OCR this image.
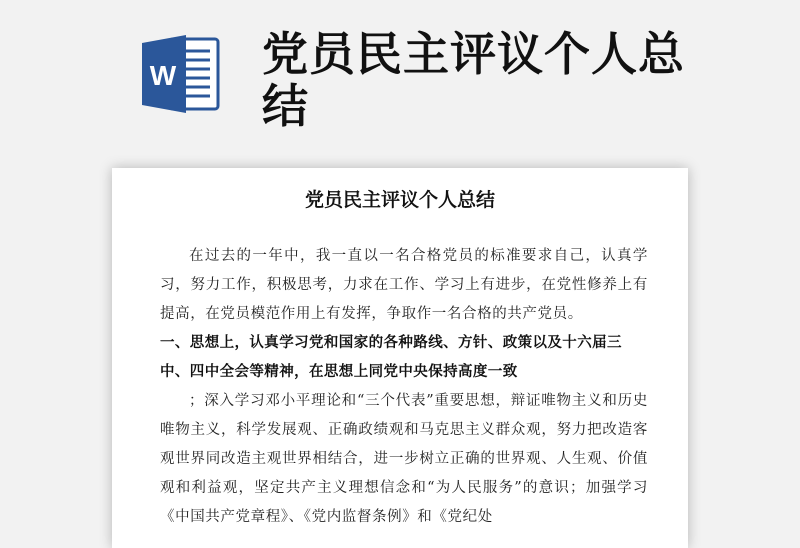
W 党员民主评议个人总结
党员民主评议个人总结

在过去的一年中，我一直以一名合格党员的标准要求自己，认真学习，努力工作，积极思考，力求在工作、学习上有进步，在党性修养上有提高，在党员模范作用上有发挥，争取作一名合格的共产党员。

一、思想上，认真学习党和国家的各种路线、方针、政策以及十六届三中、四中全会等精神，在思想上同党中央保持高度一致

；深入学习邓小平理论和“三个代表”重要思想，辩证唯物主义和历史唯物主义，科学发展观、正确政绩观和马克思主义群众观，努力把改造客观世界同改造主观世界相结合，进一步树立正确的世界观、人生观、价值观和利益观，坚定共产主义理想信念和“为人民服务”的意识；加强学习《中国共产党章程》、《党内监督条例》和《党纪处
